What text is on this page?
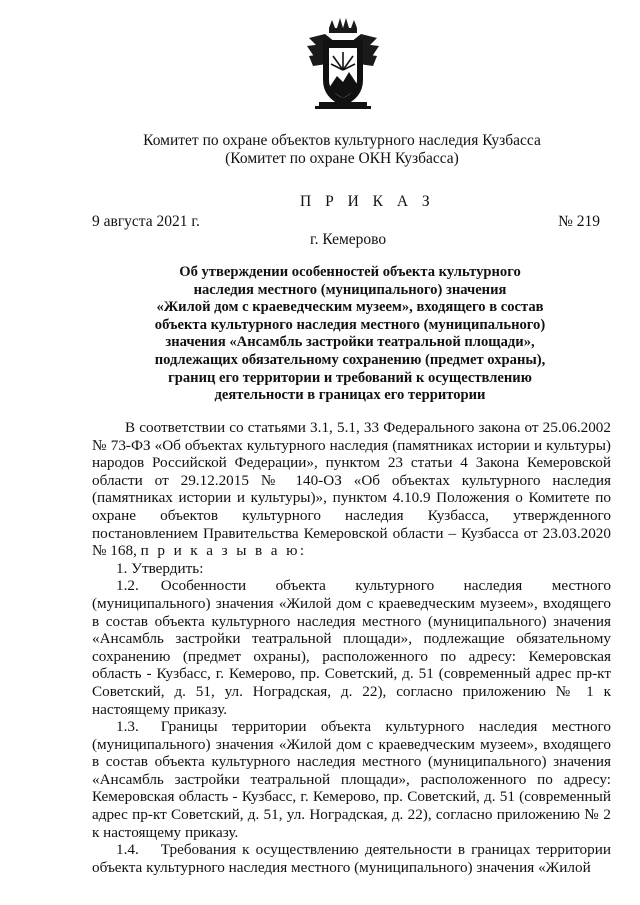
Комитет по охране объектов культурного наследия Кузбасса
(Комитет по охране ОКН Кузбасса)
П Р И К А З
9 августа 2021 г.	№ 219
г. Кемерово
Об утверждении особенностей объекта культурного
наследия местного (муниципального) значения
«Жилой дом с краеведческим музеем», входящего в состав
объекта культурного наследия местного (муниципального)
значения «Ансамбль застройки театральной площади»,
подлежащих обязательному сохранению (предмет охраны),
границ его территории и требований к осуществлению
деятельности в границах его территории

В соответствии со статьями 3.1, 5.1, 33 Федерального закона от 25.06.2002 № 73-ФЗ «Об объектах культурного наследия (памятниках истории и культуры) народов Российской Федерации», пунктом 23 статьи 4 Закона Кемеровской области от 29.12.2015 № 140-ОЗ «Об объектах культурного наследия (памятниках истории и культуры)», пунктом 4.10.9 Положения о Комитете по охране объектов культурного наследия Кузбасса, утвержденного постановлением Правительства Кемеровской области – Кузбасса от 23.03.2020 № 168, п р и к а з ы в а ю:

1. Утвердить:

1.2. Особенности объекта культурного наследия местного (муниципального) значения «Жилой дом с краеведческим музеем», входящего в состав объекта культурного наследия местного (муниципального) значения «Ансамбль застройки театральной площади», подлежащие обязательному сохранению (предмет охраны), расположенного по адресу: Кемеровская область - Кузбасс, г. Кемерово, пр. Советский, д. 51 (современный адрес пр-кт Советский, д. 51, ул. Ноградская, д. 22), согласно приложению № 1 к настоящему приказу.

1.3. Границы территории объекта культурного наследия местного (муниципального) значения «Жилой дом с краеведческим музеем», входящего в состав объекта культурного наследия местного (муниципального) значения «Ансамбль застройки театральной площади», расположенного по адресу: Кемеровская область - Кузбасс, г. Кемерово, пр. Советский, д. 51 (современный адрес пр-кт Советский, д. 51, ул. Ноградская, д. 22), согласно приложению № 2 к настоящему приказу.

1.4. Требования к осуществлению деятельности в границах территории объекта культурного наследия местного (муниципального) значения «Жилой
